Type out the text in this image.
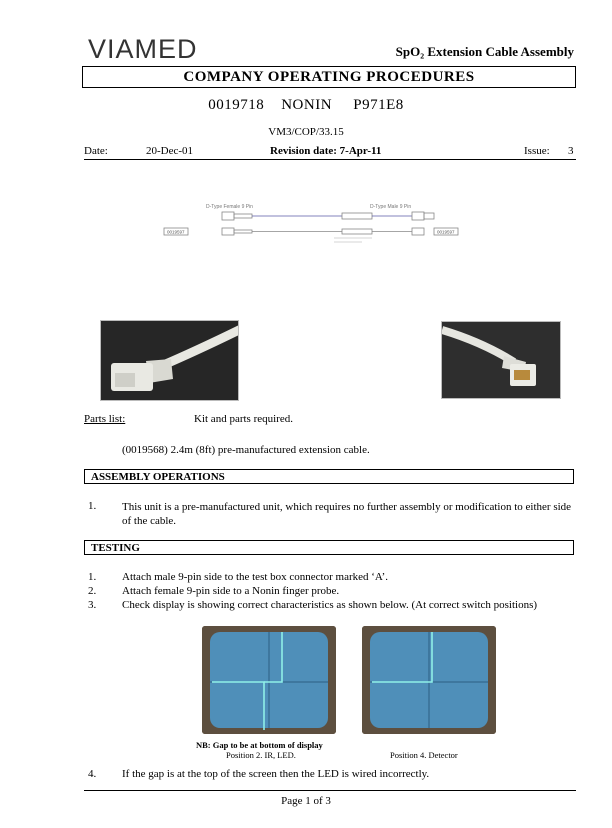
VIAMED	SpO₂ Extension Cable Assembly
COMPANY OPERATING PROCEDURES
0019718 NONIN P971E8
VM3/COP/33.15
Date:	20-Dec-01	Revision date: 7-Apr-11	Issue: 3
D-Type Female 9 Pin	D-Type Male 9 Pin
0019597	0019597
Parts list:	Kit and parts required.
(0019568) 2.4m (8ft) pre-manufactured extension cable.
ASSEMBLY OPERATIONS
1. This unit is a pre-manufactured unit, which requires no further assembly or modification to either side of the cable.
TESTING
1. Attach male 9-pin side to the test box connector marked ‘A’.
2. Attach female 9-pin side to a Nonin finger probe.
3. Check display is showing correct characteristics as shown below. (At correct switch positions)
NB: Gap to be at bottom of display
Position 2. IR, LED.	Position 4. Detector
4. If the gap is at the top of the screen then the LED is wired incorrectly.
Page 1 of 3
